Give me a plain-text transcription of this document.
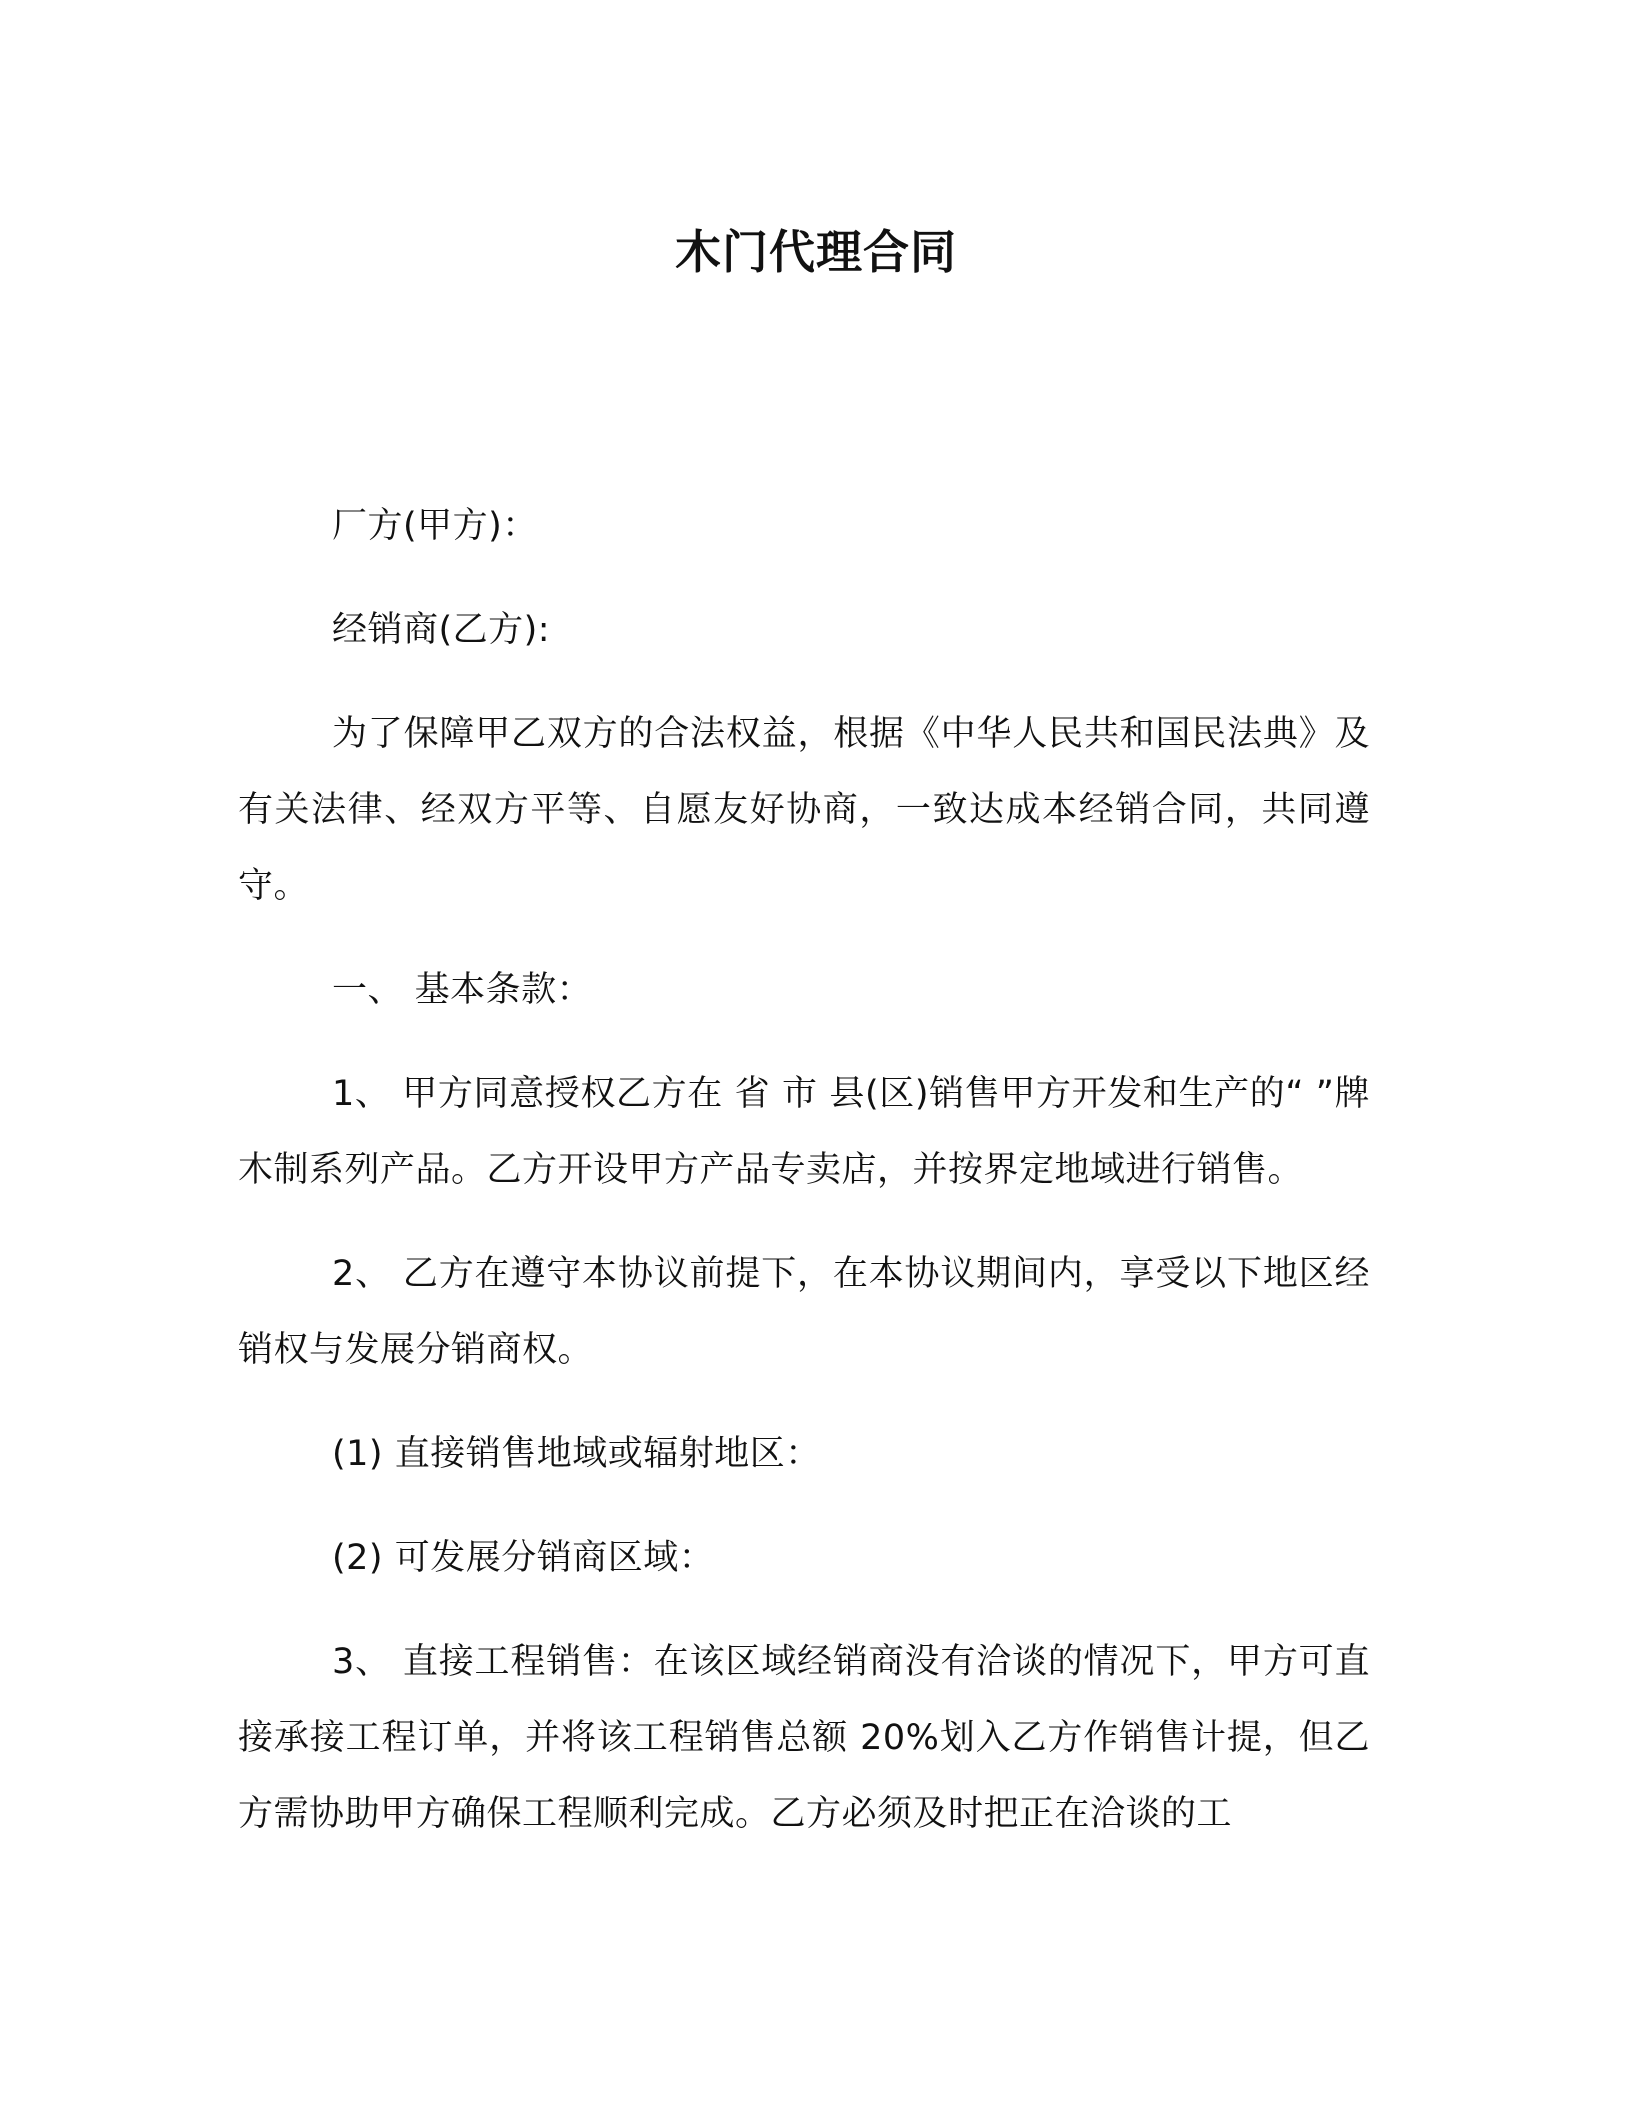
木门代理合同

厂方(甲方)：

经销商(乙方):

为了保障甲乙双方的合法权益，根据《中华人民共和国民法典》及有关法律、经双方平等、自愿友好协商，一致达成本经销合同，共同遵守。

一、 基本条款：

1、 甲方同意授权乙方在 省 市 县(区)销售甲方开发和生产的“ ”牌木制系列产品。乙方开设甲方产品专卖店，并按界定地域进行销售。

2、 乙方在遵守本协议前提下，在本协议期间内，享受以下地区经销权与发展分销商权。

(1) 直接销售地域或辐射地区：

(2) 可发展分销商区域：

3、 直接工程销售：在该区域经销商没有洽谈的情况下，甲方可直接承接工程订单，并将该工程销售总额 20%划入乙方作销售计提，但乙方需协助甲方确保工程顺利完成。乙方必须及时把正在洽谈的工
